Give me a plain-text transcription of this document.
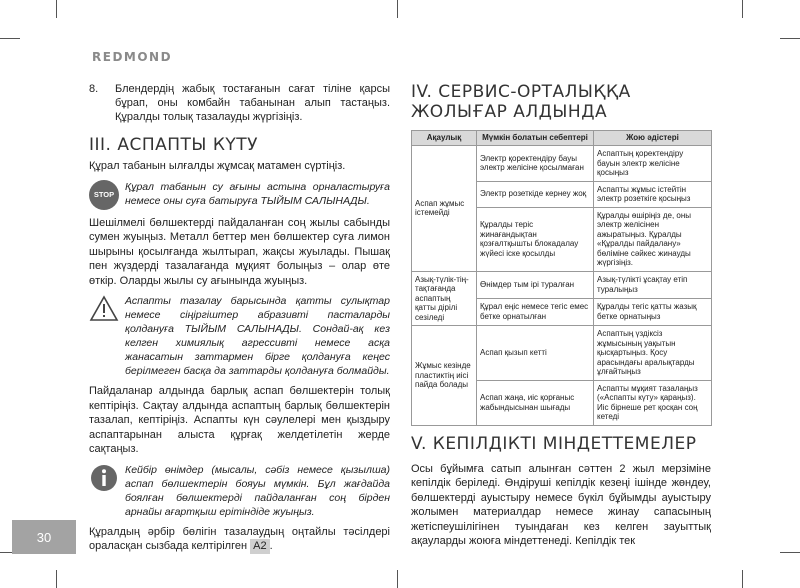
REDMOND
8.	Блендердің жабық тостағанын сағат тіліне қарсы бұрап, оны комбайн табанынан алып тастаңыз. Құралды толық тазалауды жүргізіңіз.
III. АСПАПТЫ КҮТУ

Құрал табанын ылғалды жұмсақ матамен сүртіңіз.

STOP

Құрал табанын су ағыны астына орналастыруға немесе оны суға батыруға ТЫЙЫМ САЛЫНАДЫ.

Шешілмелі бөлшектерді пайдаланған соң жылы сабынды сумен жуыңыз. Металл беттер мен бөлшектер суға лимон шырыны қосылғанда жылтырап, жақсы жуылады. Пышақ пен жүздерді тазалағанда мұқият болыңыз – олар өте өткір. Оларды жылы су ағынында жуыңыз.

Аспапты тазалау барысында қатты сулықтар немесе сіңіргіштер абразивті пасталарды қолдануға ТЫЙЫМ САЛЫНАДЫ. Сондай-ақ кез келген химиялық агрессивті немесе асқа жанасатын заттармен бірге қолдануға кеңес берілмеген басқа да заттарды қолдануға болмайды.

Пайдаланар алдында барлық аспап бөлшектерін толық кептіріңіз. Сақтау алдында аспаптың барлық бөлшектерін тазалап, кептіріңіз. Аспапты күн сәулелері мен қыздыру аспаптарынан алыста құрғақ желдетілетін жерде сақтаңыз.

Кейбір өнімдер (мысалы, сәбіз немесе қызылша) аспап бөлшектерін бояуы мүмкін. Бұл жағдайда боялған бөлшектерді пайдаланған соң бірден арнайы ағартқыш ерітіндіде жуыңыз.

Құралдың әрбір бөлігін тазалаудың оңтайлы тәсілдері ораласқан сызбада келтірілген A2 .

IV. СЕРВИС-ОРТАЛЫҚҚА ЖОЛЫҒАР АЛДЫНДА
Ақаулық	Мүмкін болатын себептері	Жою әдістері
Аспап жұмыс істемейді	Электр қоректендіру бауы электр желісіне қосылмаған	Аспаптың қоректендіру бауын электр желісіне қосыңыз
	Электр розеткіде кернеу жоқ	Аспапты жұмыс істейтін электр розеткіге қосыңыз
	Құралды теріс жинағандықтан қозғалтқышты блокадалау жүйесі іске қосылды	Құралды өшіріңіз де, оны электр желісінен ажыратыңыз. Құралды «Құралды пайдалану» бөлiмiне сәйкес жинауды жүргізіңіз.
Азық-түлік-тің-тақтағанда аспаптың қатты дірілі сезіледі	Өнімдер тым ірі туралған	Азық-түлікті ұсақтау етіп туралыңыз
	Құрал еңіс немесе тегіс емес бетке орнатылған	Құралды тегіс қатты жазық бетке орнатыңыз
Жұмыс кезінде пластиктің иісі пайда болады	Аспап қызып кетті	Аспаптың үздіксіз жұмысының уақытын қысқартыңыз. Қосу арасындағы аралықтарды ұлғайтыңыз
	Аспап жаңа, иіс қорғаныс жабындысынан шығады	Аспапты мұқият тазалаңыз («Аспапты күту» қараңыз). Иіс бірнеше рет қосқан соң кетеді
V. КЕПІЛДІКТІ МІНДЕТТЕМЕЛЕР

Осы бұйымға сатып алынған сәттен 2 жыл мерзіміне кепілдік беріледі. Өндіруші кепілдік кезеңі ішінде жөндеу, бөлшектерді ауыстыру немесе бүкіл бұйымды ауыстыру жолымен материалдар немесе жинау сапасының жетіспеушілігінен туындаған кез келген зауыттық ақауларды жоюға міндеттенеді. Кепілдік тек

30
